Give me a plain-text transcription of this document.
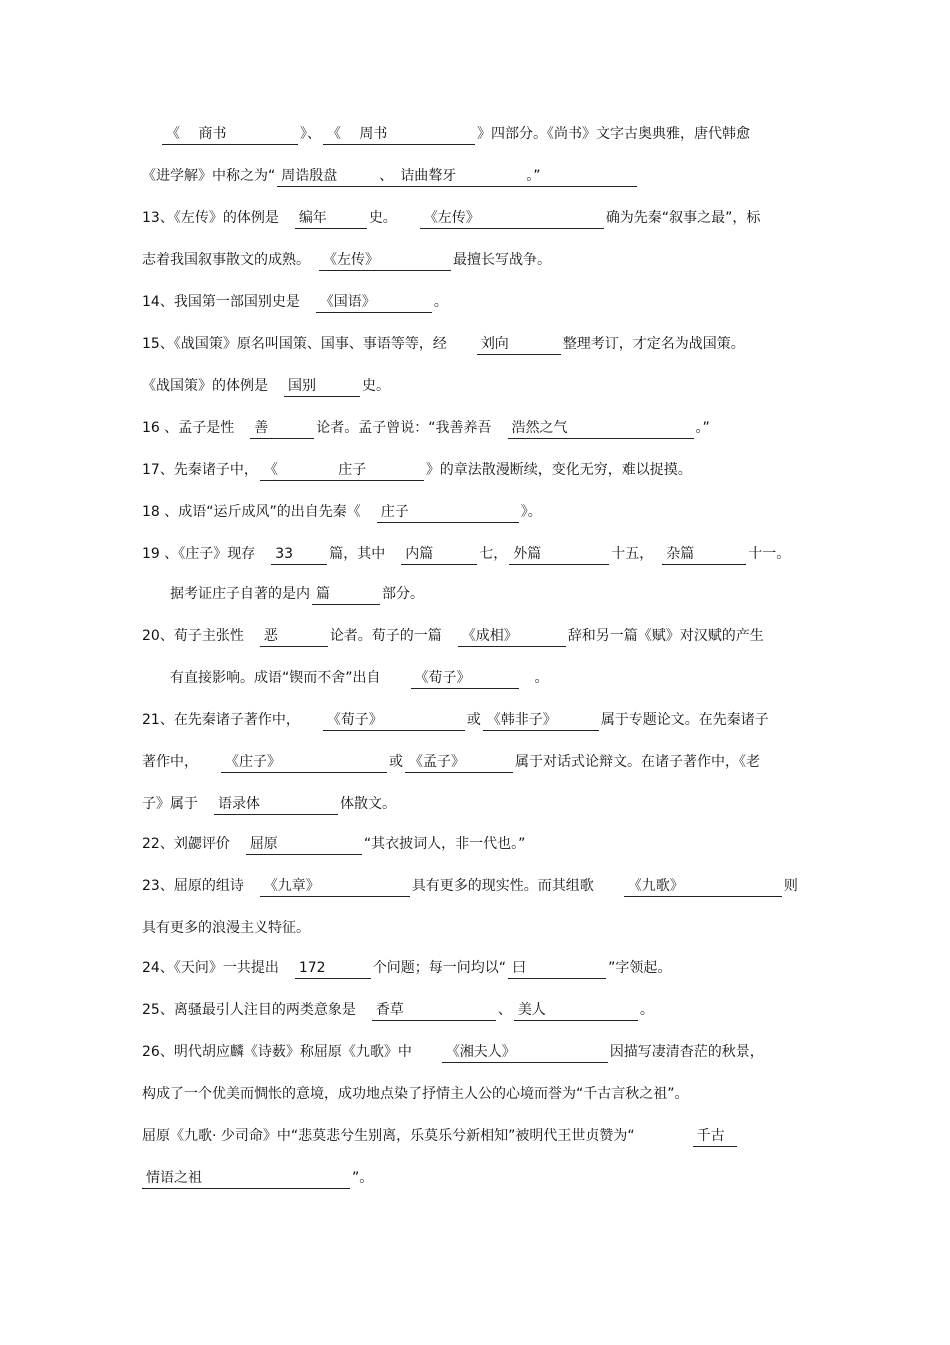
《　 商书	》、 《　 周书	》四部分。《尚书》文字古奥典雅，唐代韩愈
《进学解》中称之为“ 周诰殷盘　　　、　诘曲聱牙　　　　　。”
13、《左传》的体例是　 编年	史。　　 《左传》	确为先秦“叙事之最”，标
志着我国叙事散文的成熟。　 《左传》	最擅长写战争。
14、我国第一部国别史是　 《国语》	。
15、《战国策》原名叫国策、国事、事语等等，经　　 刘向	整理考订，才定名为战国策。
《战国策》的体例是　 国别	史。
16 、孟子是性　 善	论者。孟子曾说：“我善养吾　 浩然之气	。”
17、先秦诸子中， 《　　　　 庄子	》的章法散漫断续，变化无穷，难以捉摸。
18 、成语“运斤成风”的出自先秦《　 庄子	》。
19 、《庄子》现存　 33	篇，其中　 内篇	七， 外篇	十五，　 杂篇	十一。
　　据考证庄子自著的是内 篇	部分。
20、荀子主张性　 恶	论者。荀子的一篇　 《成相》	辞和另一篇《赋》对汉赋的产生
　　有直接影响。成语“锲而不舍”出自　　 《荀子》	　。
21、在先秦诸子著作中，　　 《荀子》	或 《韩非子》	属于专题论文。在先秦诸子
著作中，　　 《庄子》	或 《孟子》	属于对话式论辩文。在诸子著作中，《老
子》属于　 语录体	体散文。
22、刘勰评价　 屈原	“其衣披词人，非一代也。”
23、屈原的组诗　 《九章》	具有更多的现实性。而其组歌　　 《九歌》	则
具有更多的浪漫主义特征。
24、《天问》一共提出　 172	个问题；每一问均以“ 曰	”字领起。
25、离骚最引人注目的两类意象是　 香草	、 美人	。
26、明代胡应麟《诗薮》称屈原《九歌》中　　 《湘夫人》	因描写凄清杳茫的秋景，
构成了一个优美而惆怅的意境，成功地点染了抒情主人公的心境而誉为“千古言秋之祖”。
屈原《九歌· 少司命》中“悲莫悲兮生别离，乐莫乐兮新相知”被明代王世贞赞为“　　　　 千古
情语之祖	”。
